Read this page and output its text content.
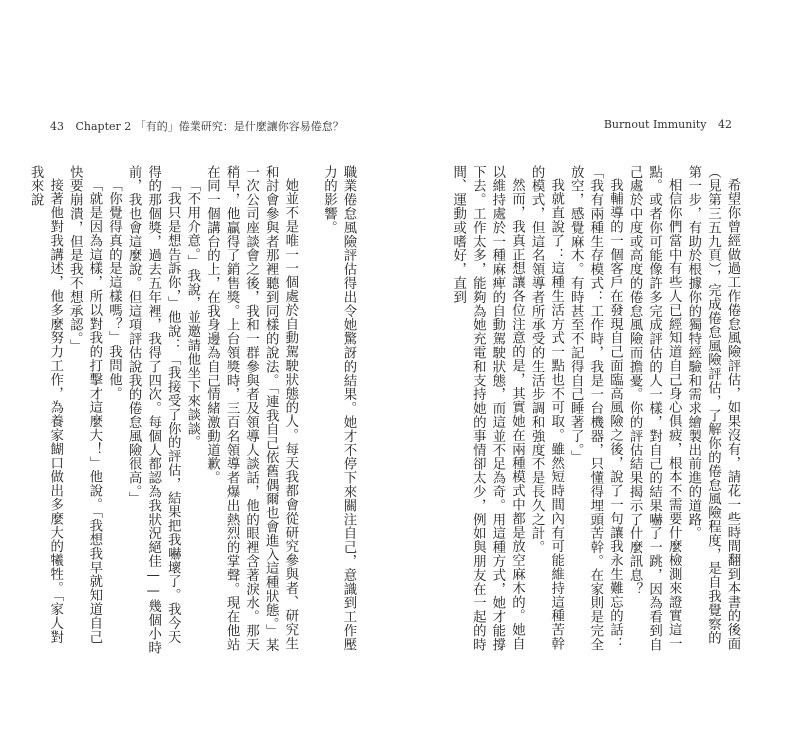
43 Chapter 2 「有的」倦業研究：是什麼讓你容易倦怠？	Burnout Immunity 42

希望你曾經做過工作倦怠風險評估，如果沒有，請花一些時間翻到本書的後面（見第三五九頁），完成倦怠風險評估，了解你的倦怠風險程度，是自我覺察的第一步，有助於根據你的獨特經驗和需求繪製出前進的道路。

相信你們當中有些人已經知道自己身心俱疲，根本不需要什麼檢測來證實這一點。或者你可能像許多完成評估的人一樣，對自己的結果嚇了一跳，因為看到自己處於中度或高度的倦怠風險而擔憂。你的評估結果揭示了什麼訊息？

我輔導的一個客戶在發現自己面臨高風險之後，說了一句讓我永生難忘的話：「我有兩種生存模式：工作時，我是一台機器，只懂得埋頭苦幹。在家則是完全放空，感覺麻木。有時甚至不記得自己睡著了。」

我就直說了：這種生活方式一點也不可取。雖然短時間內有可能維持這種苦幹的模式，但這名領導者所承受的生活步調和強度不是長久之計。

然而，我真正想讓各位注意的是，其實她在兩種模式中都是放空麻木的。她自以維持處於一種麻痺的自動駕駛狀態，而這並不足為奇。用這種方式，她才能撐下去。工作太多，能夠為她充電和支持她的事情卻太少，例如與朋友在一起的時間、運動或嗜好，直到

職業倦怠風險評估得出令她驚訝的結果。她才不停下來關注自己，意識到工作壓力的影響。

她並不是唯一一個處於自動駕駛狀態的人。每天我都會從研究參與者、研究生和討會參與者那裡聽到同樣的說法。「連我自己依舊偶爾也會進入這種狀態。」某一次公司座談會之後，我和一群參與者及領導人談話，他的眼裡含著淚水。那天稍早，他贏得了銷售獎。上台領獎時，三百名領導者爆出熱烈的掌聲。現在他站在同一個講台的上，在我身邊為自己情緒激動道歉。

「不用介意。」我說，並邀請他坐下來談談。

「我只是想告訴你，」他說：「我接受了你的評估，結果把我嚇壞了。我今天得的那個獎，過去五年裡，我得了四次。每個人都認為我狀況絕佳——幾個小時前，我也會這麼說。但這項評估說我的倦怠風險很高。」

「你覺得真的是這樣嗎？」我問他。

「就是因為這樣，所以對我的打擊才這麼大！」他說。「我想我早就知道自己快要崩潰，但是我不想承認。」

接著他對我講述，他多麼努力工作，為養家餬口做出多麼大的犧牲。「家人對我來說
